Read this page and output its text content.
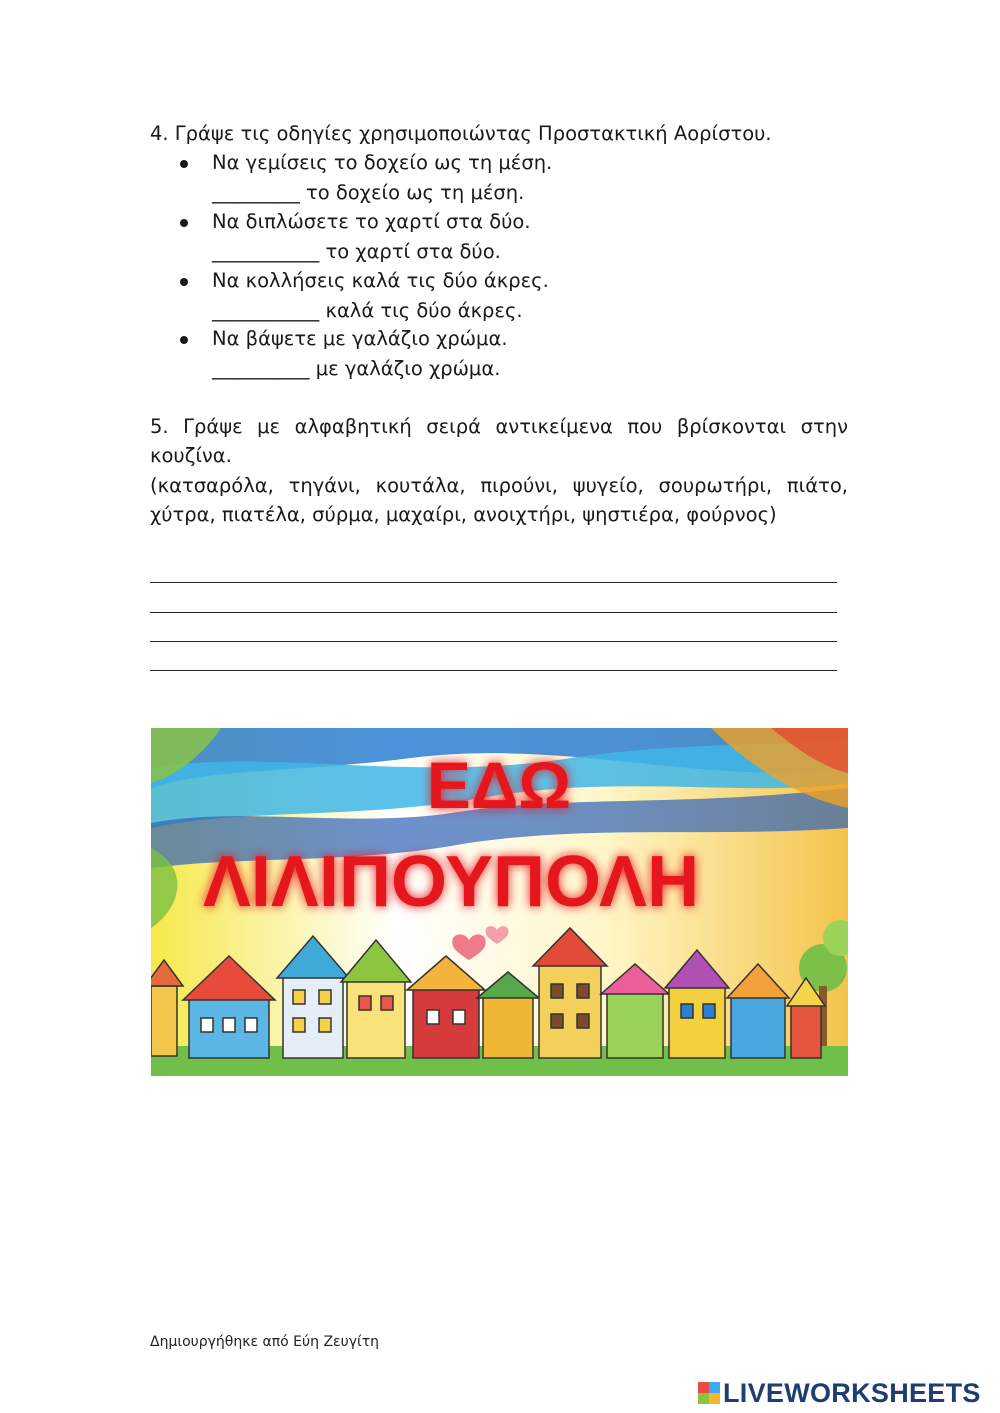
4. Γράψε τις οδηγίες χρησιμοποιώντας Προστακτική Αορίστου.
Να γεμίσεις το δοχείο ως τη μέση.
_________ το δοχείο ως τη μέση.
Να διπλώσετε το χαρτί στα δύο.
___________ το χαρτί στα δύο.
Να κολλήσεις καλά τις δύο άκρες.
___________ καλά τις δύο άκρες.
Να βάψετε με γαλάζιο χρώμα.
__________ με γαλάζιο χρώμα.

5. Γράψε με αλφαβητική σειρά αντικείμενα που βρίσκονται στην κουζίνα.

(κατσαρόλα, τηγάνι, κουτάλα, πιρούνι, ψυγείο, σουρωτήρι, πιάτο, χύτρα, πιατέλα, σύρμα, μαχαίρι, ανοιχτήρι, ψηστιέρα, φούρνος)

ΕΔΩ
ΛΙΛΙΠΟΥΠΟΛΗ
Δημιουργήθηκε από Εύη Ζευγίτη
LIVEWORKSHEETS
